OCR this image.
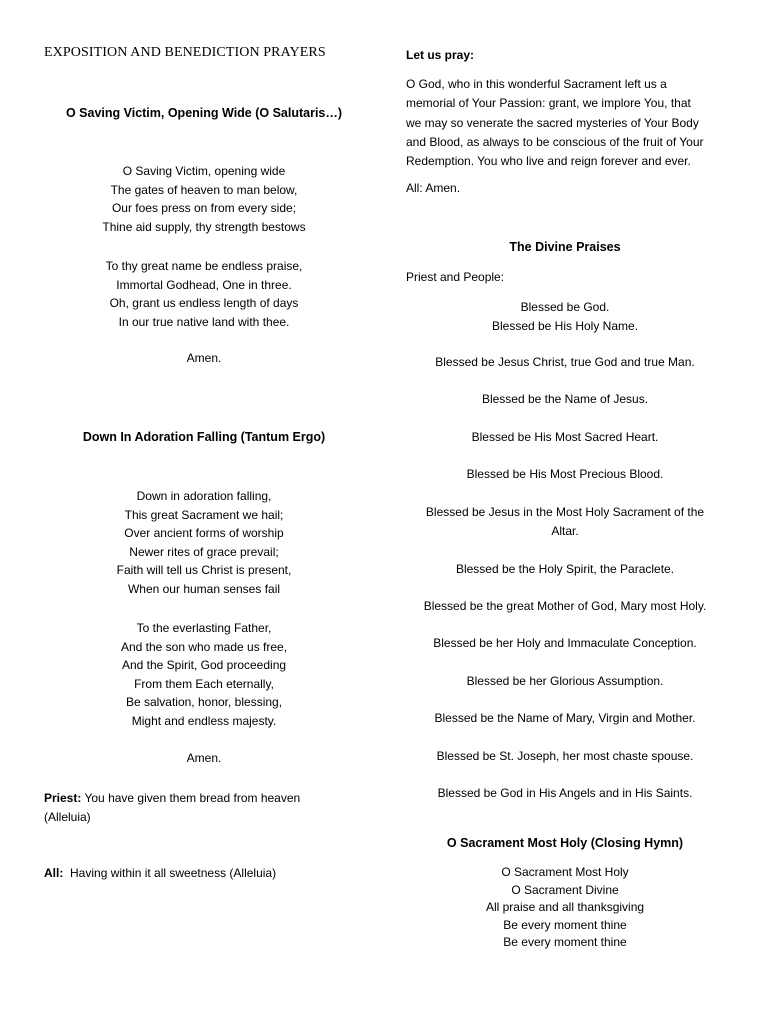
EXPOSITION AND BENEDICTION PRAYERS
O Saving Victim, Opening Wide (O Salutaris…)
O Saving Victim, opening wide
The gates of heaven to man below,
Our foes press on from every side;
Thine aid supply, thy strength bestows
To thy great name be endless praise,
Immortal Godhead, One in three.
Oh, grant us endless length of days
In our true native land with thee.
Amen.
Down In Adoration Falling (Tantum Ergo)
Down in adoration falling,
This great Sacrament we hail;
Over ancient forms of worship
Newer rites of grace prevail;
Faith will tell us Christ is present,
When our human senses fail
To the everlasting Father,
And the son who made us free,
And the Spirit, God proceeding
From them Each eternally,
Be salvation, honor, blessing,
Might and endless majesty.
Amen.
Priest: You have given them bread from heaven
(Alleluia)
All: Having within it all sweetness (Alleluia)
Let us pray:
O God, who in this wonderful Sacrament left us a
memorial of Your Passion: grant, we implore You, that
we may so venerate the sacred mysteries of Your Body
and Blood, as always to be conscious of the fruit of Your
Redemption. You who live and reign forever and ever.
All: Amen.
The Divine Praises
Priest and People:
Blessed be God.
Blessed be His Holy Name.
Blessed be Jesus Christ, true God and true Man.
Blessed be the Name of Jesus.
Blessed be His Most Sacred Heart.
Blessed be His Most Precious Blood.
Blessed be Jesus in the Most Holy Sacrament of the Altar.
Blessed be the Holy Spirit, the Paraclete.
Blessed be the great Mother of God, Mary most Holy.
Blessed be her Holy and Immaculate Conception.
Blessed be her Glorious Assumption.
Blessed be the Name of Mary, Virgin and Mother.
Blessed be St. Joseph, her most chaste spouse.
Blessed be God in His Angels and in His Saints.
O Sacrament Most Holy (Closing Hymn)
O Sacrament Most Holy
O Sacrament Divine
All praise and all thanksgiving
Be every moment thine
Be every moment thine
